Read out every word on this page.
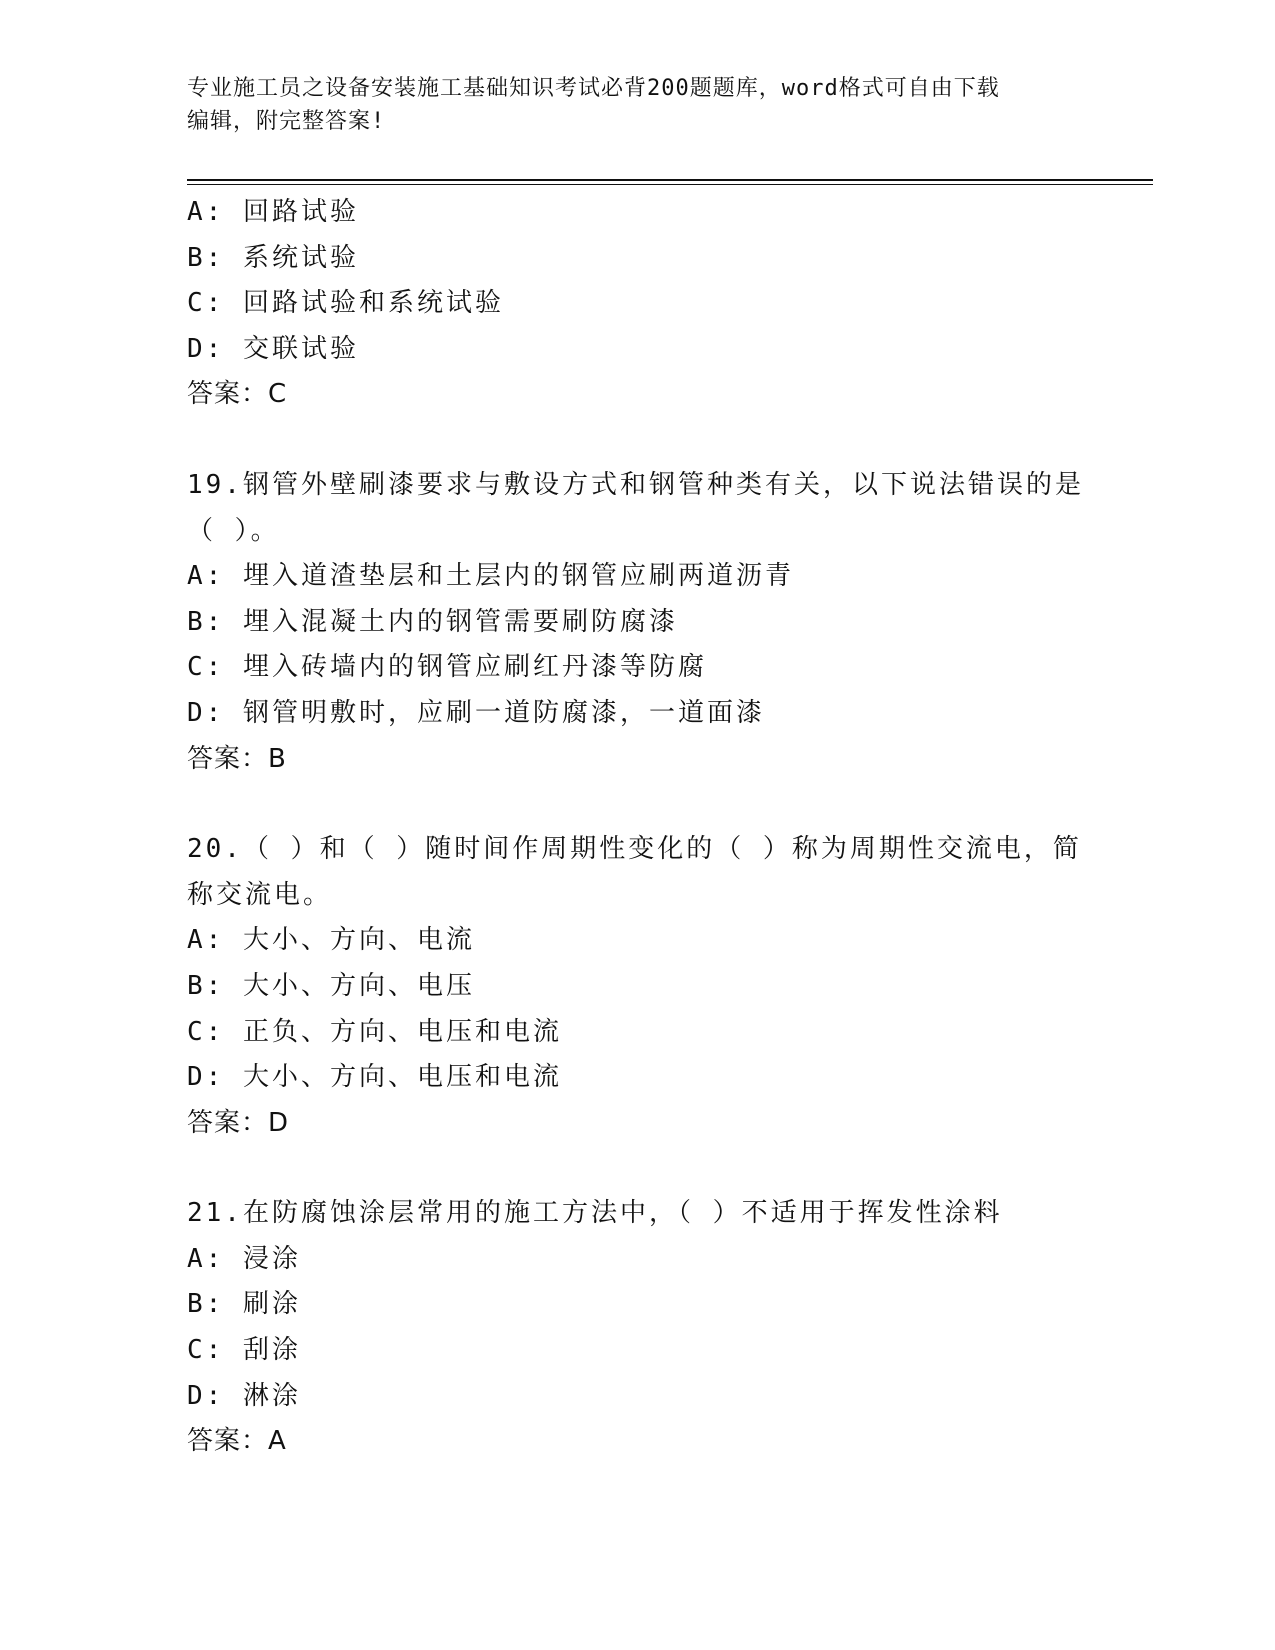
专业施工员之设备安装施工基础知识考试必背200题题库，word格式可自由下载
编辑，附完整答案!
A: 回路试验
B: 系统试验
C: 回路试验和系统试验
D: 交联试验
答案：C
19.钢管外壁刷漆要求与敷设方式和钢管种类有关，以下说法错误的是
（ ）。
A: 埋入道渣垫层和土层内的钢管应刷两道沥青
B: 埋入混凝土内的钢管需要刷防腐漆
C: 埋入砖墙内的钢管应刷红丹漆等防腐
D: 钢管明敷时，应刷一道防腐漆，一道面漆
答案：B
20.（ ）和（ ）随时间作周期性变化的（ ）称为周期性交流电，简
称交流电。
A: 大小、方向、电流
B: 大小、方向、电压
C: 正负、方向、电压和电流
D: 大小、方向、电压和电流
答案：D
21.在防腐蚀涂层常用的施工方法中，（ ）不适用于挥发性涂料
A: 浸涂
B: 刷涂
C: 刮涂
D: 淋涂
答案：A
